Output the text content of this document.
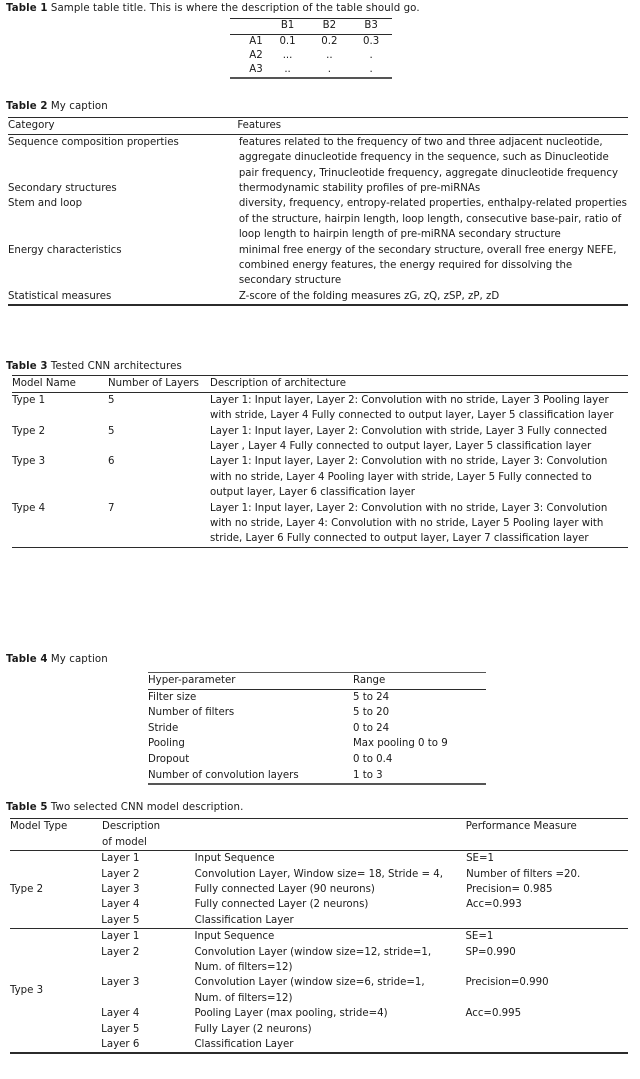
Table 1 Sample table title. This is where the description of the table should go.
	B1	B2	B3
A1	0.1	0.2	0.3
A2	...	..	.
A3	..	.	.
Table 2 My caption
Category	Features
Sequence composition properties	features related to the frequency of two and three adjacent nucleotide, aggregate dinucleotide frequency in the sequence, such as Dinucleotide pair frequency, Trinucleotide frequency, aggregate dinucleotide frequency
Secondary structures	thermodynamic stability profiles of pre-miRNAs
Stem and loop	diversity, frequency, entropy-related properties, enthalpy-related properties of the structure, hairpin length, loop length, consecutive base-pair, ratio of loop length to hairpin length of pre-miRNA secondary structure
Energy characteristics	minimal free energy of the secondary structure, overall free energy NEFE, combined energy features, the energy required for dissolving the secondary structure
Statistical measures	Z-score of the folding measures zG, zQ, zSP, zP, zD
Table 3 Tested CNN architectures
Model Name	Number of Layers	Description of architecture
Type 1	5	Layer 1: Input layer, Layer 2: Convolution with no stride, Layer 3 Pooling layer with stride, Layer 4 Fully connected to output layer, Layer 5 classification layer
Type 2	5	Layer 1: Input layer, Layer 2: Convolution with stride, Layer 3 Fully connected Layer , Layer 4 Fully connected to output layer, Layer 5 classification layer
Type 3	6	Layer 1: Input layer, Layer 2: Convolution with no stride, Layer 3: Convolution with no stride, Layer 4 Pooling layer with stride, Layer 5 Fully connected to output layer, Layer 6 classification layer
Type 4	7	Layer 1: Input layer, Layer 2: Convolution with no stride, Layer 3: Convolution with no stride, Layer 4: Convolution with no stride, Layer 5 Pooling layer with stride, Layer 6 Fully connected to output layer, Layer 7 classification layer
Table 4 My caption
Hyper-parameter	Range
Filter size	5 to 24
Number of filters	5 to 20
Stride	0 to 24
Pooling	Max pooling 0 to 9
Dropout	0 to 0.4
Number of convolution layers	1 to 3
Table 5 Two selected CNN model description.
Model Type	Description		Performance Measure
	of model		
Type 2	Layer 1	Input Sequence	SE=1
	Layer 2	Convolution Layer, Window size= 18, Stride = 4,	Number of filters =20.
	Layer 3	Fully connected Layer (90 neurons)	Precision= 0.985
	Layer 4	Fully connected Layer (2 neurons)	Acc=0.993
	Layer 5	Classification Layer	
Type 3	Layer 1	Input Sequence	SE=1
	Layer 2	Convolution Layer (window size=12, stride=1, Num. of filters=12)	SP=0.990
	Layer 3	Convolution Layer (window size=6, stride=1, Num. of filters=12)	Precision=0.990
	Layer 4	Pooling Layer (max pooling, stride=4)	Acc=0.995
	Layer 5	Fully Layer (2 neurons)	
	Layer 6	Classification Layer	
